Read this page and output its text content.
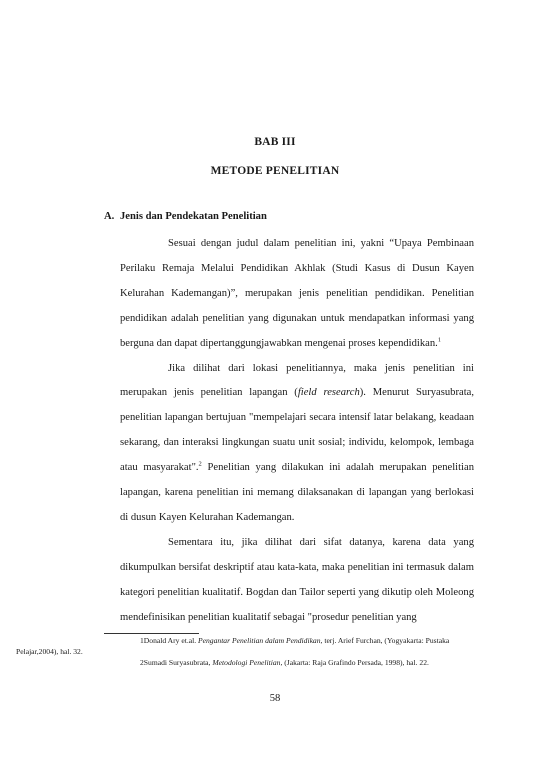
BAB III
METODE PENELITIAN
A. Jenis dan Pendekatan Penelitian

Sesuai dengan judul dalam penelitian ini, yakni “Upaya Pembinaan Perilaku Remaja Melalui Pendidikan Akhlak (Studi Kasus di Dusun Kayen Kelurahan Kademangan)”, merupakan jenis penelitian pendidikan. Penelitian pendidikan adalah penelitian yang digunakan untuk mendapatkan informasi yang berguna dan dapat dipertanggungjawabkan mengenai proses kependidikan.$^1$

Jika dilihat dari lokasi penelitiannya, maka jenis penelitian ini merupakan jenis penelitian lapangan (field research). Menurut Suryasubrata, penelitian lapangan bertujuan "mempelajari secara intensif latar belakang, keadaan sekarang, dan interaksi lingkungan suatu unit sosial; individu, kelompok, lembaga atau masyarakat".$^2$ Penelitian yang dilakukan ini adalah merupakan penelitian lapangan, karena penelitian ini memang dilaksanakan di lapangan yang berlokasi di dusun Kayen Kelurahan Kademangan.

Sementara itu, jika dilihat dari sifat datanya, karena data yang dikumpulkan bersifat deskriptif atau kata-kata, maka penelitian ini termasuk dalam kategori penelitian kualitatif. Bogdan dan Tailor seperti yang dikutip oleh Moleong mendefinisikan penelitian kualitatif sebagai "prosedur penelitian yang

1Donald Ary et.al. Pengantar Penelitian dalam Pendidikan, terj. Arief Furchan, (Yogyakarta: Pustaka Pelajar,2004), hal. 32.

2Sumadi Suryasubrata, Metodologi Penelitian, (Jakarta: Raja Grafindo Persada, 1998), hal. 22.

58
